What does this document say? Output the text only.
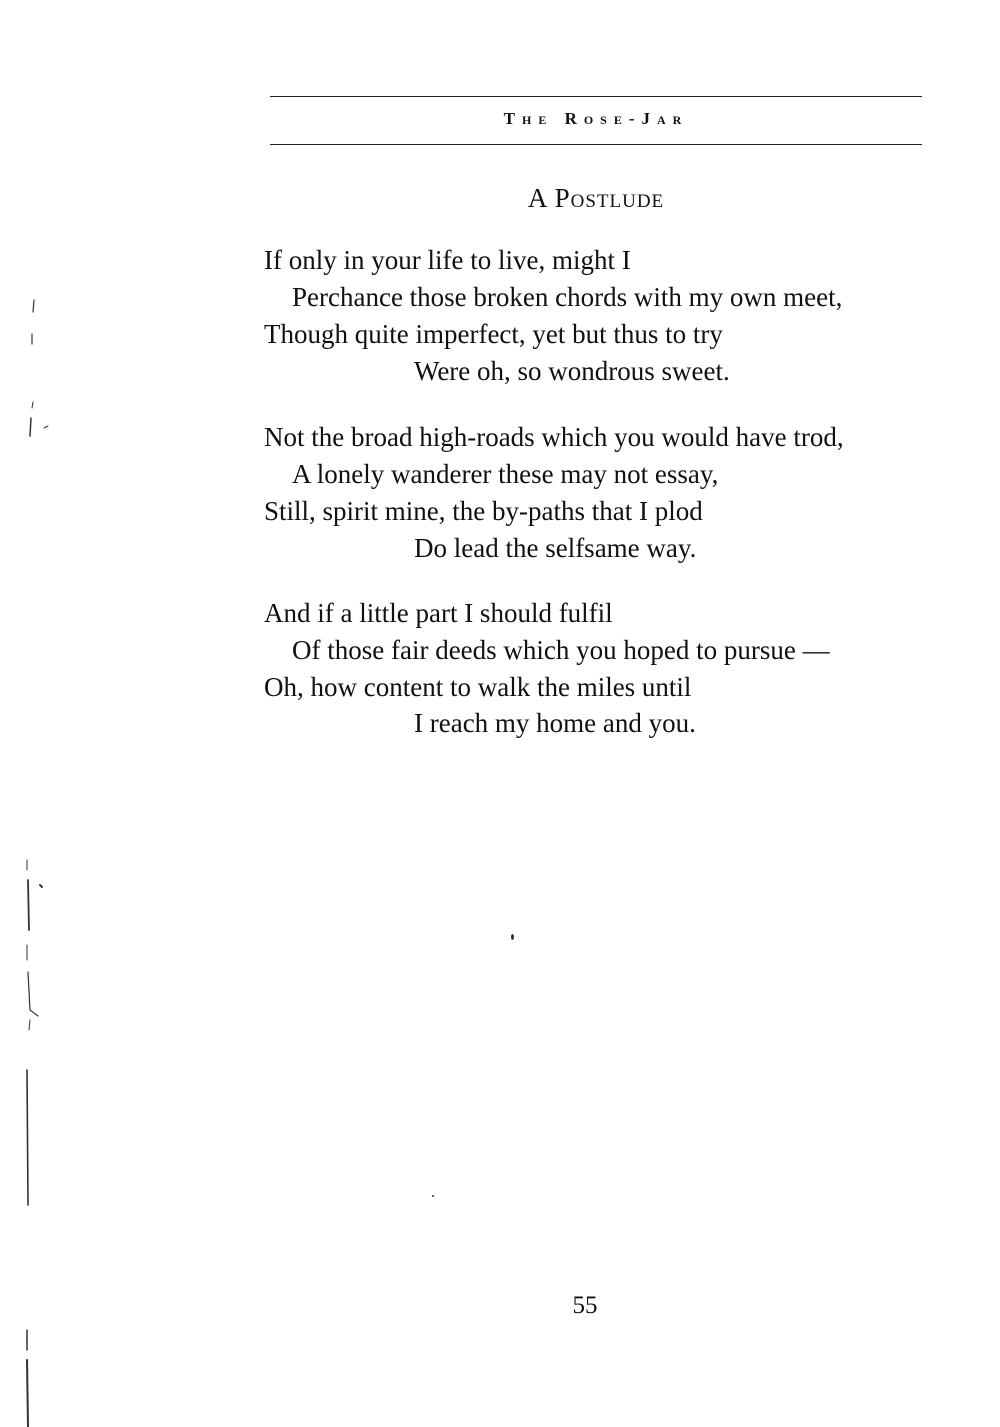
The Rose-Jar
A Postlude
If only in your life to live, might I
Perchance those broken chords with my own meet,
Though quite imperfect, yet but thus to try
Were oh, so wondrous sweet.
Not the broad high-roads which you would have trod,
A lonely wanderer these may not essay,
Still, spirit mine, the by-paths that I plod
Do lead the selfsame way.
And if a little part I should fulfil
Of those fair deeds which you hoped to pursue —
Oh, how content to walk the miles until
I reach my home and you.
55
